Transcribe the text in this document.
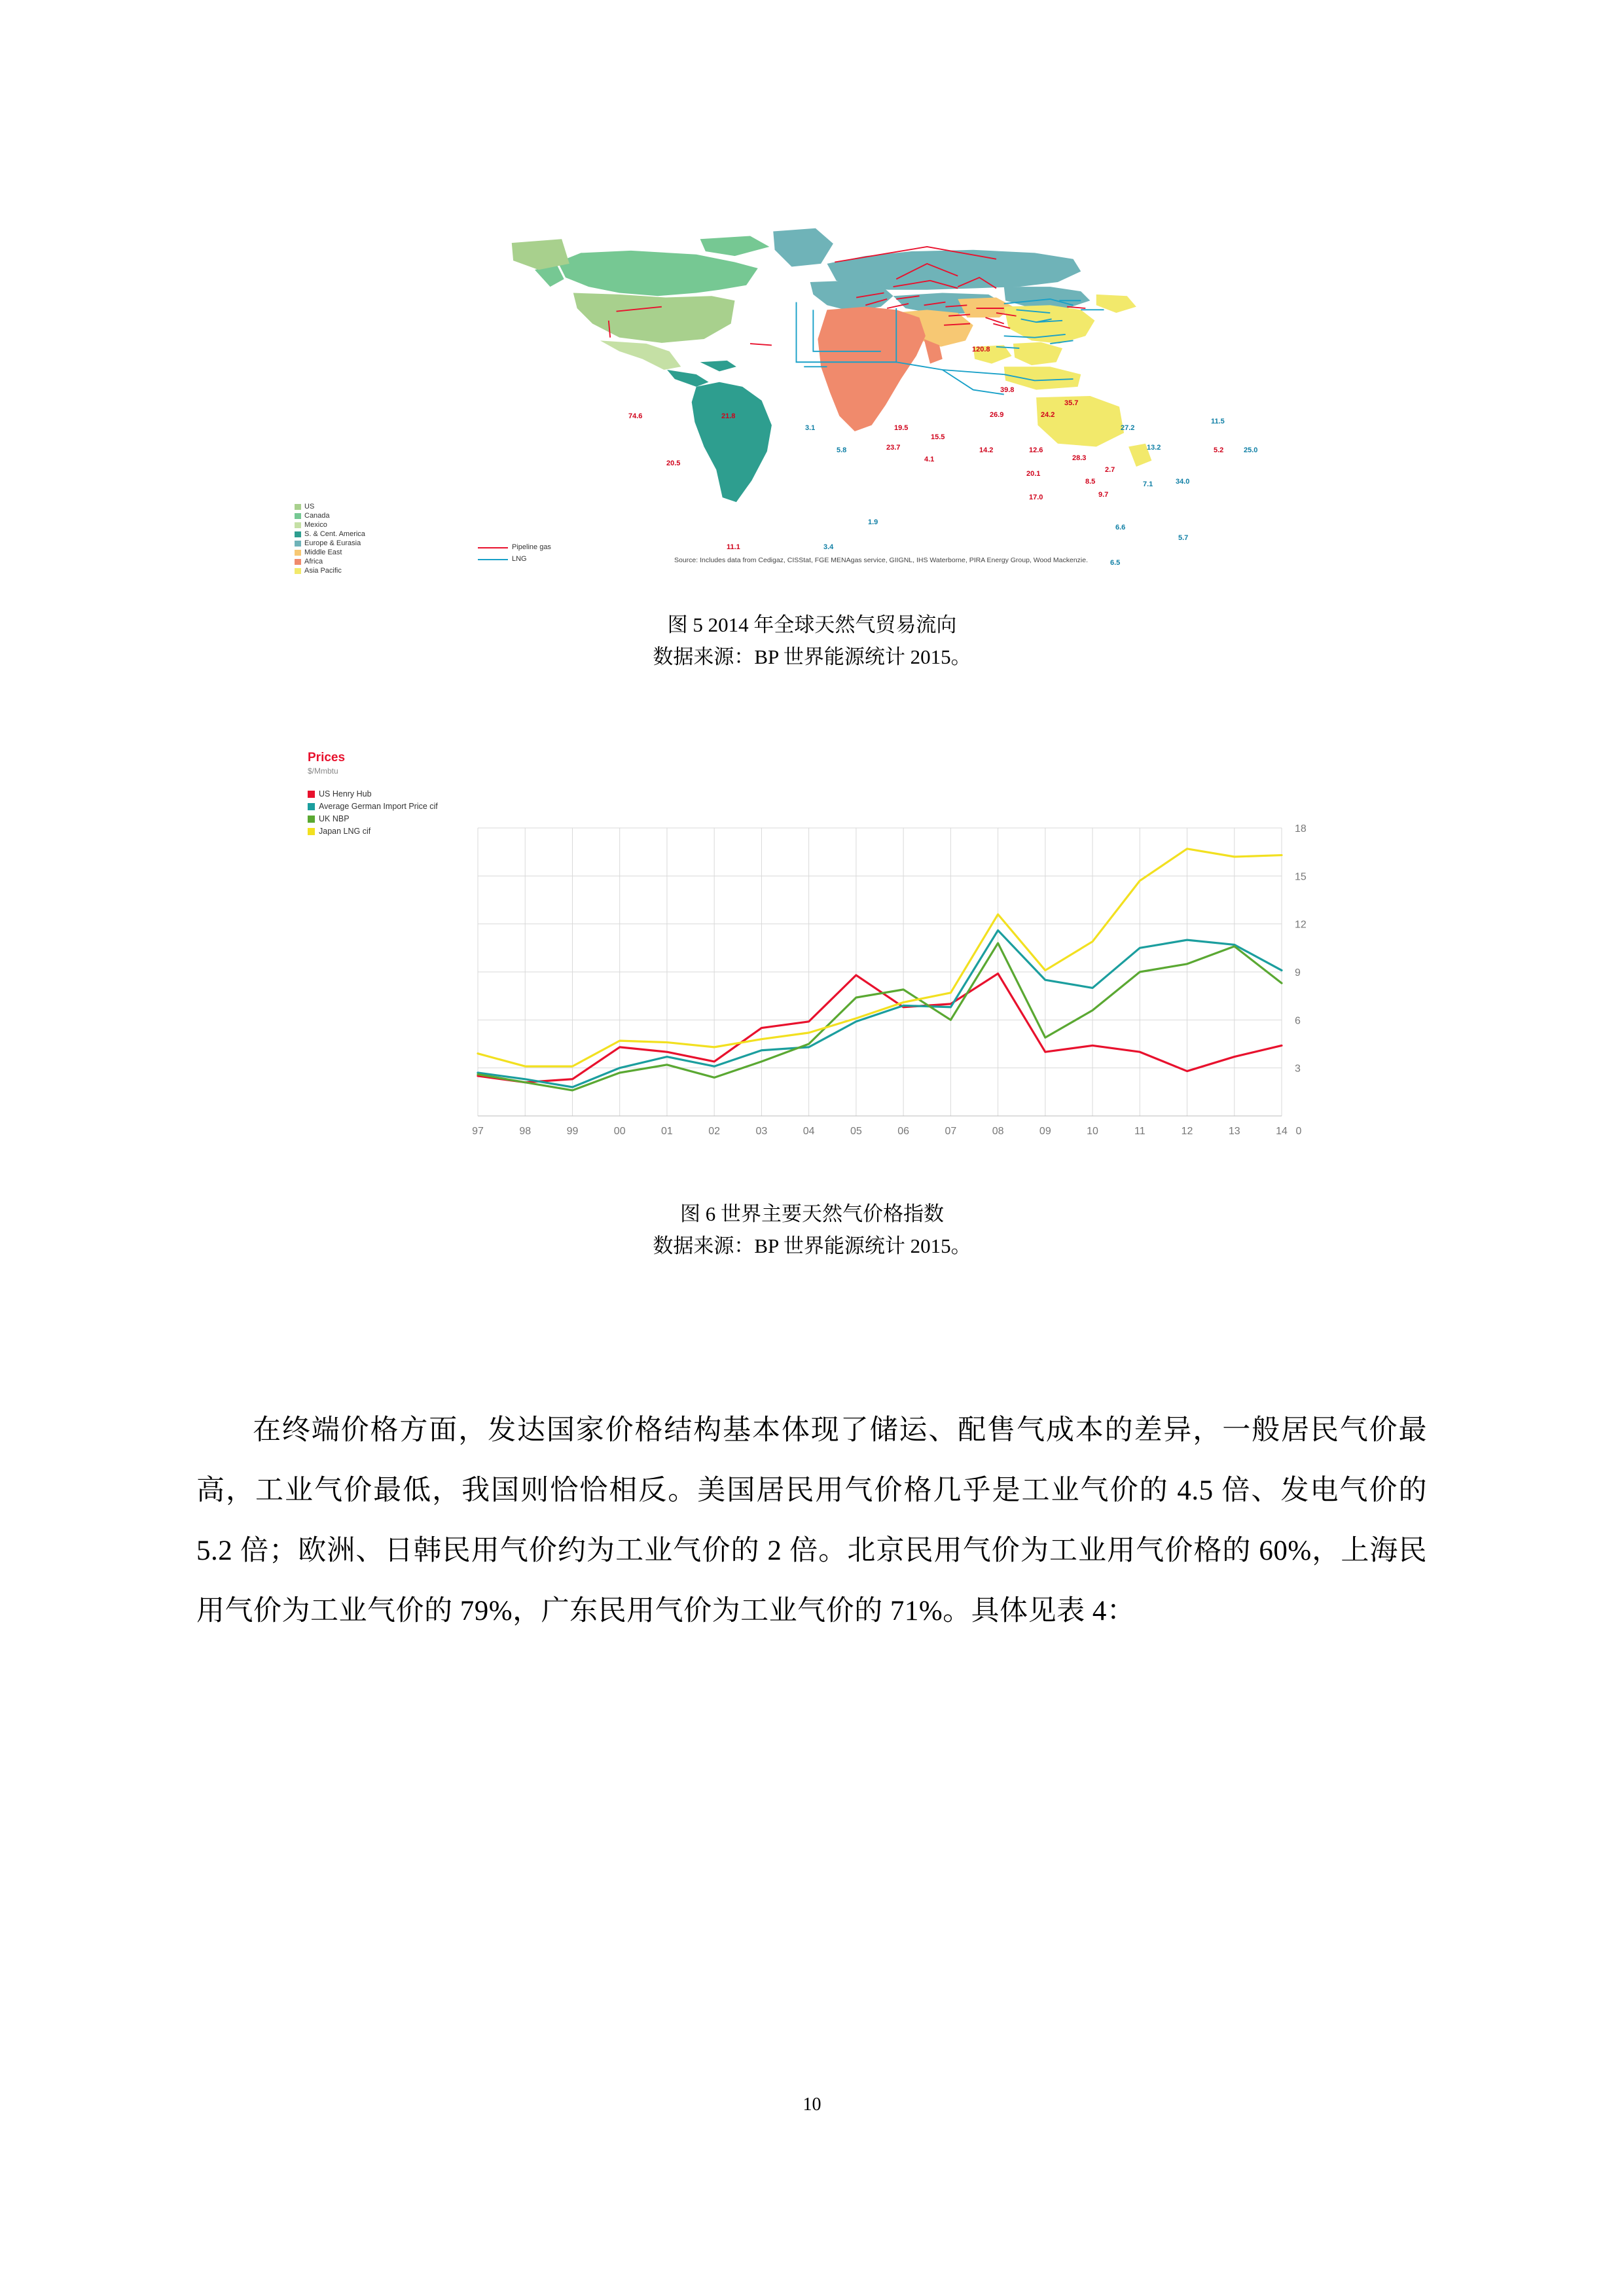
US
Canada
Mexico
S. & Cent. America
Europe & Eurasia
Middle East
Africa
Asia Pacific
Pipeline gas
LNG	Source: Includes data from Cedigaz, CISStat, FGE MENAgas service, GIIGNL, IHS Waterborne, PIRA Energy Group, Wood Mackenzie.
74.6	21.8
20.5
120.8
39.8
26.9	24.2
35.7
3.1
5.8
19.5
23.7
15.5
4.1
14.2	12.6
20.1
28.3
2.7
27.2
13.2
11.5
5.2	25.0
17.0
8.5
9.7
7.1	34.0
6.6
5.7
6.5
1.9
11.1	3.4
图 5 2014 年全球天然气贸易流向
数据来源：BP 世界能源统计 2015。
Prices
$/Mmbtu
US Henry Hub
Average German Import Price cif
UK NBP
Japan LNG cif
97	98	99	00	01	02	03	04	05	06	07	08	09	10	11	12	13	14 0
3
6
9
12
15
18
图 6 世界主要天然气价格指数
数据来源：BP 世界能源统计 2015。

在终端价格方面，发达国家价格结构基本体现了储运、配售气成本的差异，一般居民气价最高，工业气价最低，我国则恰恰相反。美国居民用气价格几乎是工业气价的 4.5 倍、发电气价的 5.2 倍；欧洲、日韩民用气价约为工业气价的 2 倍。北京民用气价为工业用气价格的 60%，上海民用气价为工业气价的 79%，广东民用气价为工业气价的 71%。具体见表 4：

10
